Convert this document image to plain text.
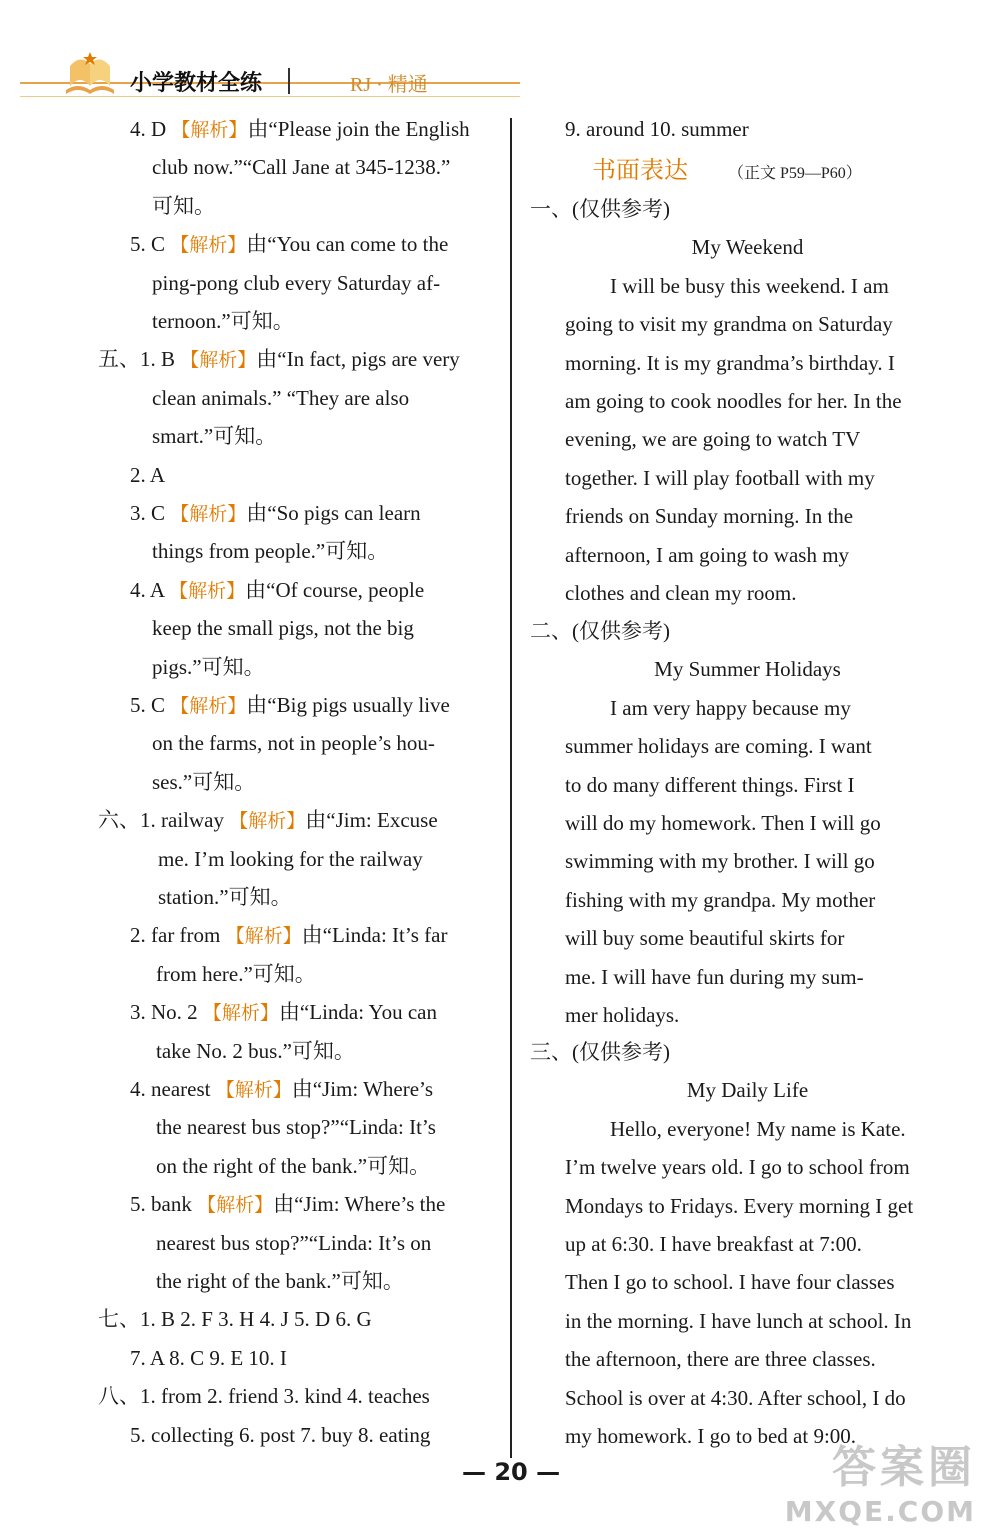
小学教材全练	RJ · 精通
4. D 【解析】由“Please join the English
club now.”“Call Jane at 345-1238.”
可知。
5. C 【解析】由“You can come to the
ping-pong club every Saturday af-
ternoon.”可知。
五、1. B 【解析】由“In fact, pigs are very
clean animals.” “They are also
smart.”可知。
2. A
3. C 【解析】由“So pigs can learn
things from people.”可知。
4. A 【解析】由“Of course, people
keep the small pigs, not the big
pigs.”可知。
5. C 【解析】由“Big pigs usually live
on the farms, not in people’s hou-
ses.”可知。
六、1. railway 【解析】由“Jim: Excuse
me. I’m looking for the railway
station.”可知。
2. far from 【解析】由“Linda: It’s far
from here.”可知。
3. No. 2 【解析】由“Linda: You can
take No. 2 bus.”可知。
4. nearest 【解析】由“Jim: Where’s
the nearest bus stop?”“Linda: It’s
on the right of the bank.”可知。
5. bank 【解析】由“Jim: Where’s the
nearest bus stop?”“Linda: It’s on
the right of the bank.”可知。
七、1. B 2. F 3. H 4. J 5. D 6. G
7. A 8. C 9. E 10. I
八、1. from 2. friend 3. kind 4. teaches
5. collecting 6. post 7. buy 8. eating
9. around 10. summer
书面表达	（正文 P59—P60）
一、(仅供参考)
My Weekend
I will be busy this weekend. I am
going to visit my grandma on Saturday
morning. It is my grandma’s birthday. I
am going to cook noodles for her. In the
evening, we are going to watch TV
together. I will play football with my
friends on Sunday morning. In the
afternoon, I am going to wash my
clothes and clean my room.
二、(仅供参考)
My Summer Holidays
I am very happy because my
summer holidays are coming. I want
to do many different things. First I
will do my homework. Then I will go
swimming with my brother. I will go
fishing with my grandpa. My mother
will buy some beautiful skirts for
me. I will have fun during my sum-
mer holidays.
三、(仅供参考)
My Daily Life
Hello, everyone! My name is Kate.
I’m twelve years old. I go to school from
Mondays to Fridays. Every morning I get
up at 6:30. I have breakfast at 7:00.
Then I go to school. I have four classes
in the morning. I have lunch at school. In
the afternoon, there are three classes.
School is over at 4:30. After school, I do
my homework. I go to bed at 9:00.
— 20 —	答案圈
MXQE.COM
